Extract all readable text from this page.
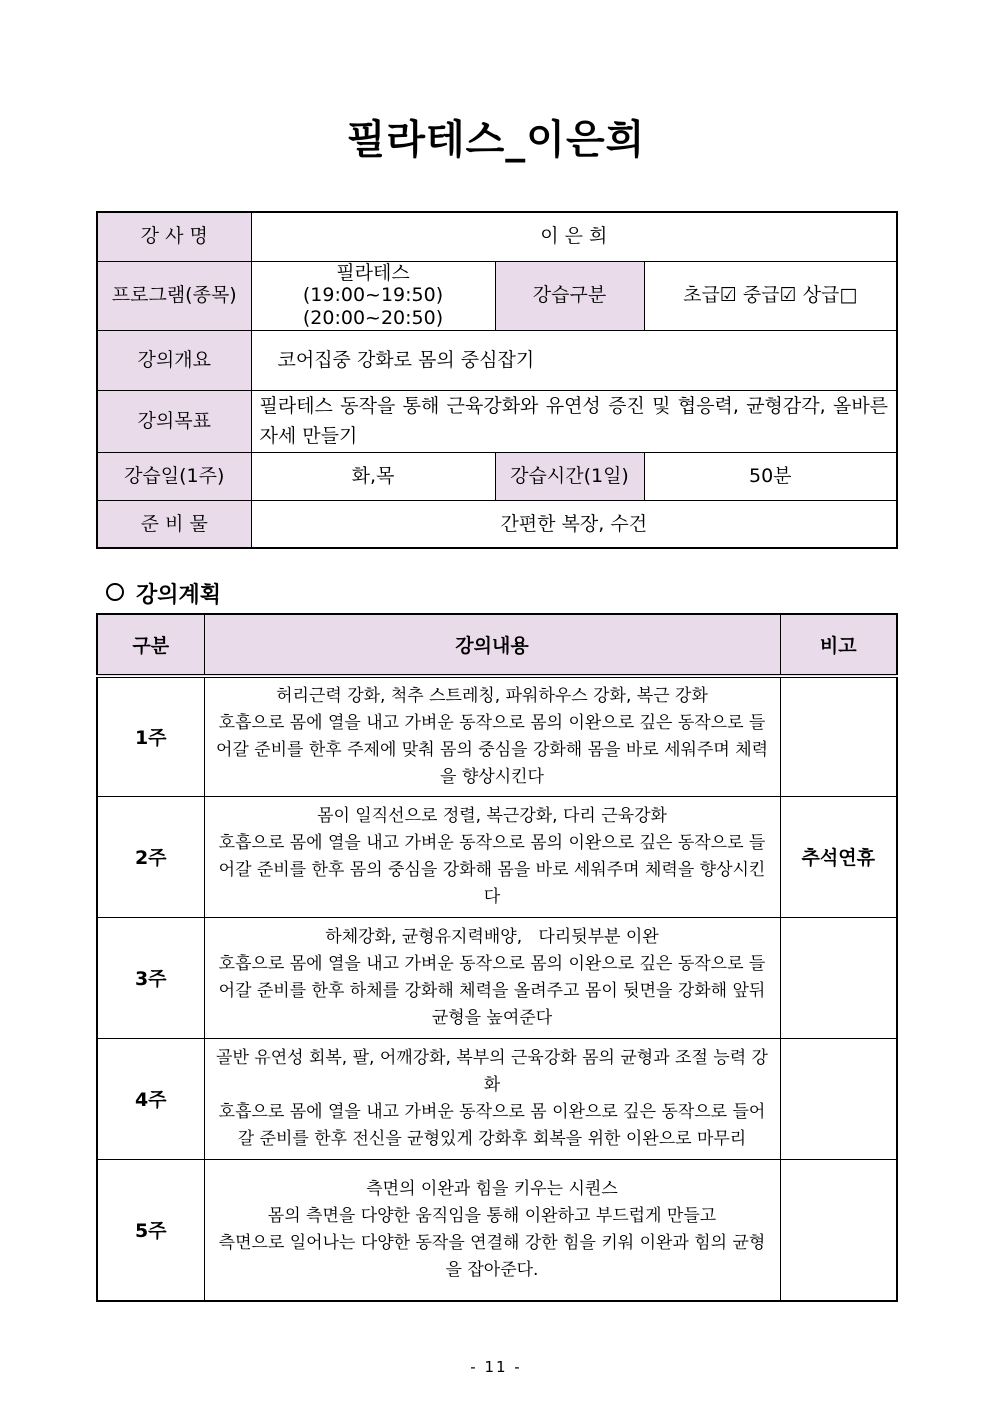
필라테스_이은희
강 사 명	이 은 희		
프로그램(종목)	필라테스
(19:00~19:50)
(20:00~20:50)	강습구분	초급☑ 중급☑ 상급□
강의개요	코어집중 강화로 몸의 중심잡기		
강의목표	필라테스 동작을 통해 근육강화와 유연성 증진 및 협응력, 균형감각, 올바른 자세 만들기		
강습일(1주)	화,목	강습시간(1일)	50분
준 비 물	간편한 복장, 수건		
강의계획
구분	강의내용	비고
1주	허리근력 강화, 척추 스트레칭, 파워하우스 강화, 복근 강화
호흡으로 몸에 열을 내고 가벼운 동작으로 몸의 이완으로 깊은 동작으로 들어갈 준비를 한후 주제에 맞춰 몸의 중심을 강화해 몸을 바로 세워주며 체력을 향상시킨다	

2주	몸이 일직선으로 정렬, 복근강화, 다리 근육강화
호흡으로 몸에 열을 내고 가벼운 동작으로 몸의 이완으로 깊은 동작으로 들어갈 준비를 한후 몸의 중심을 강화해 몸을 바로 세워주며 체력을 향상시킨다	추석연휴
3주	하체강화, 균형유지력배양,   다리뒷부분 이완
호흡으로 몸에 열을 내고 가벼운 동작으로 몸의 이완으로 깊은 동작으로 들어갈 준비를 한후 하체를 강화해 체력을 올려주고 몸이 뒷면을 강화해 앞뒤 균형을 높여준다	

4주	골반 유연성 회복, 팔, 어깨강화, 복부의 근육강화 몸의 균형과 조절 능력 강화
호흡으로 몸에 열을 내고 가벼운 동작으로 몸 이완으로 깊은 동작으로 들어갈 준비를 한후 전신을 균형있게 강화후 회복을 위한 이완으로 마무리	

5주	측면의 이완과 힘을 키우는 시퀀스
몸의 측면을 다양한 움직임을 통해 이완하고 부드럽게 만들고
측면으로 일어나는 다양한 동작을 연결해 강한 힘을 키워 이완과 힘의 균형을 잡아준다.	

- 11 -
